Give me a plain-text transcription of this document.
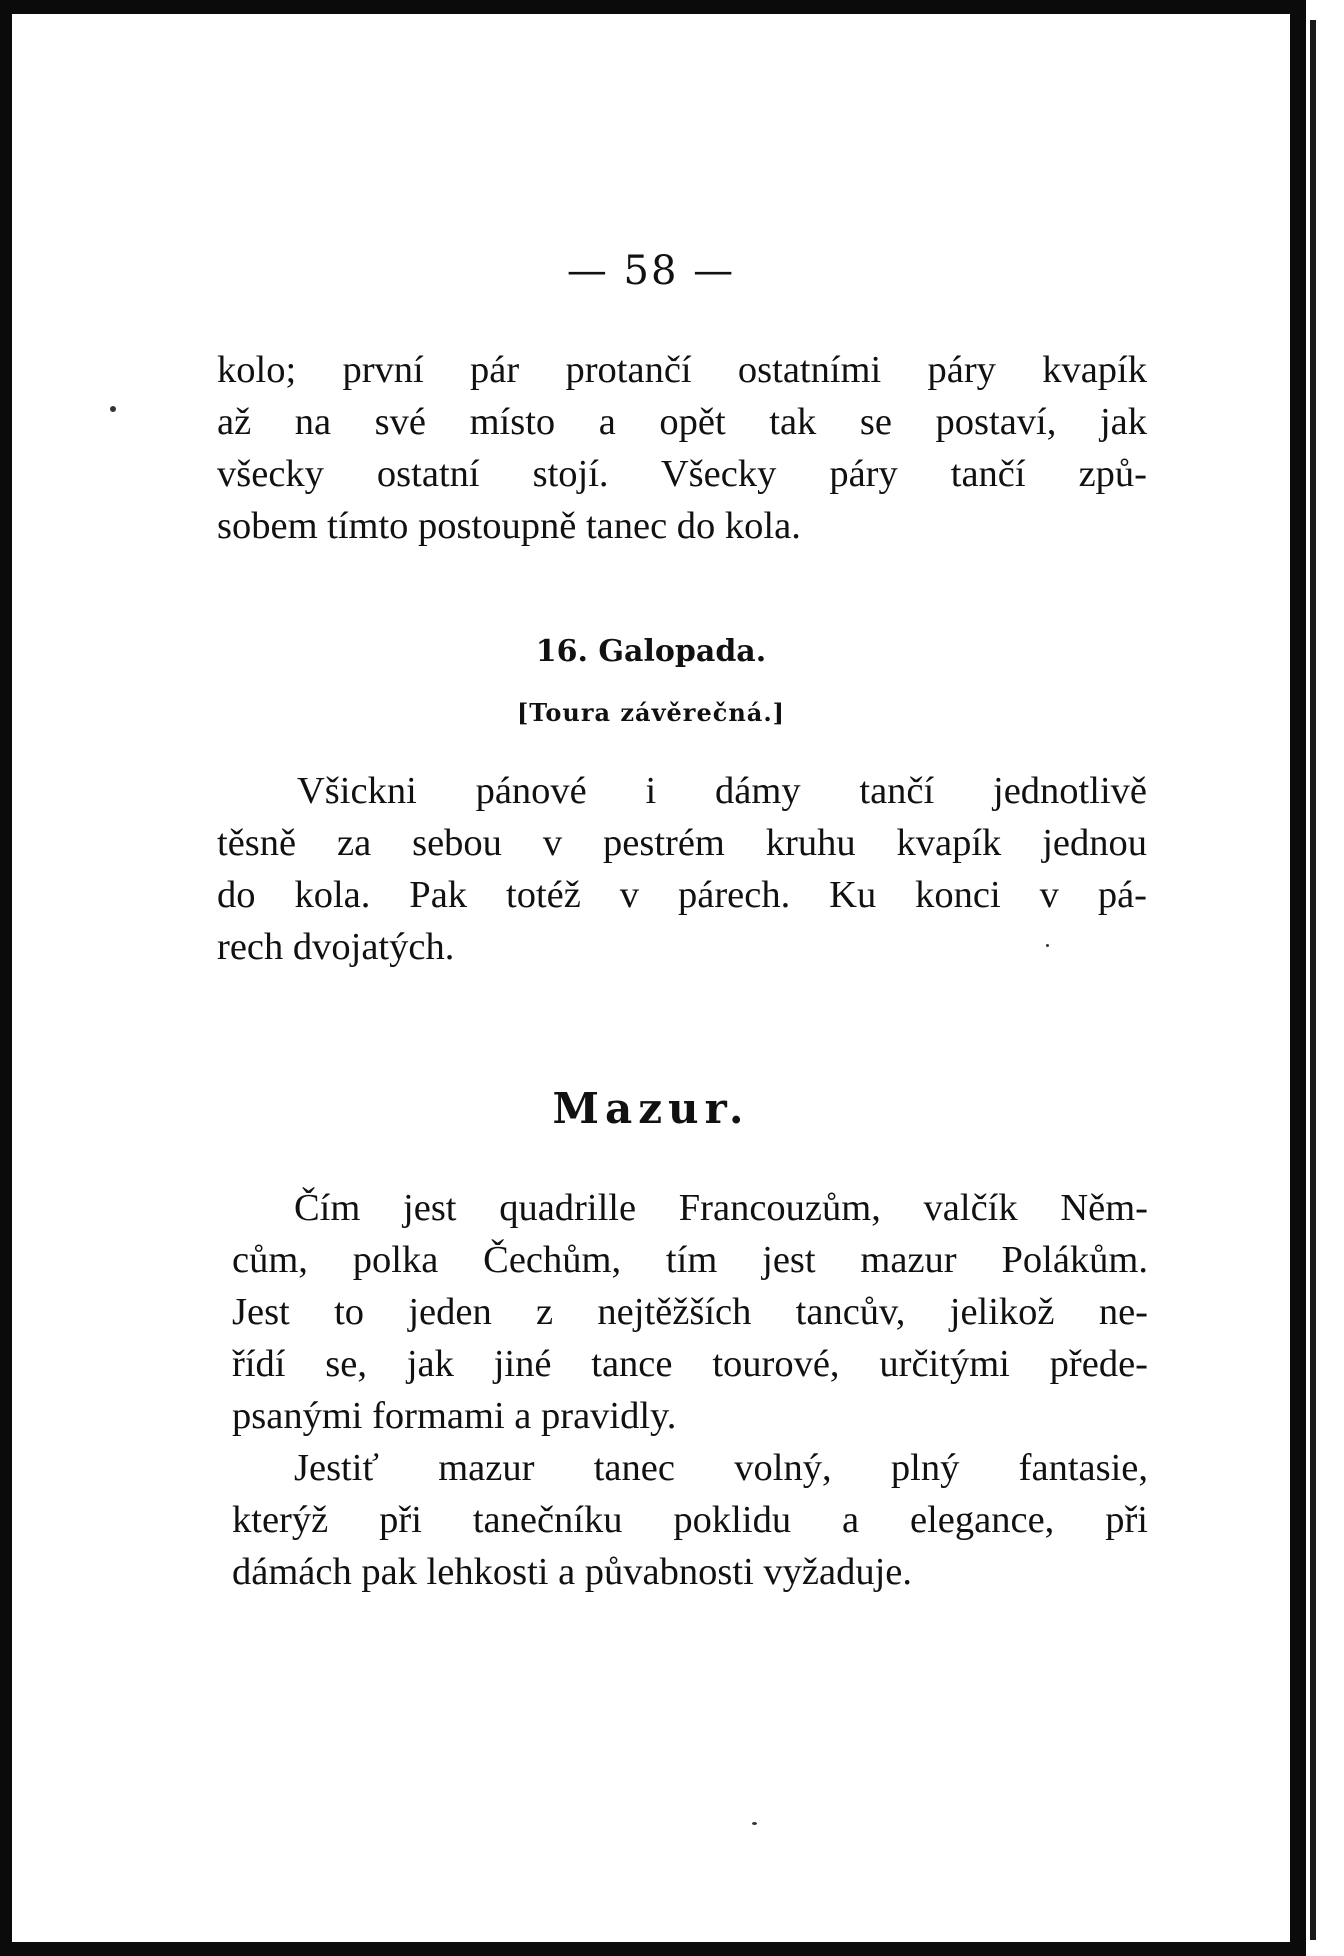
— 58 —
kolo; první pár protančí ostatními páry kvapík
až na své místo a opět tak se postaví, jak
všecky ostatní stojí. Všecky páry tančí způ-
sobem tímto postoupně tanec do kola.
16. Galopada.
[Toura závěrečná.]
Všickni pánové i dámy tančí jednotlivě
těsně za sebou v pestrém kruhu kvapík jednou
do kola. Pak totéž v párech. Ku konci v pá-
rech dvojatých.
Mazur.
Čím jest quadrille Francouzům, valčík Něm-
cům, polka Čechům, tím jest mazur Polákům.
Jest to jeden z nejtěžších tancův, jelikož ne-
řídí se, jak jiné tance tourové, určitými přede-
psanými formami a pravidly.
Jestiť mazur tanec volný, plný fantasie,
kterýž při tanečníku poklidu a elegance, při
dámách pak lehkosti a půvabnosti vyžaduje.
